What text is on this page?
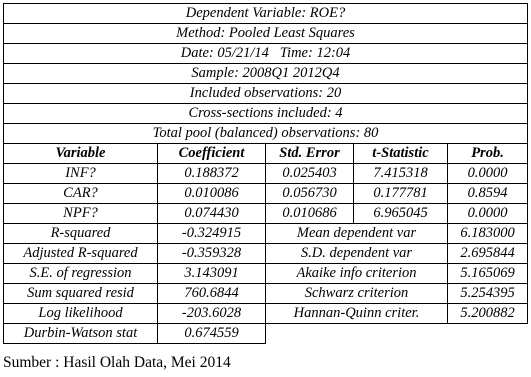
Dependent Variable: ROE?				
Method: Pooled Least Squares				
Date: 05/21/14   Time: 12:04				
Sample: 2008Q1 2012Q4				
Included observations: 20				
Cross-sections included: 4				
Total pool (balanced) observations: 80				
Variable	Coefficient	Std. Error	t-Statistic	Prob.
INF?	0.188372	0.025403	7.415318	0.0000
CAR?	0.010086	0.056730	0.177781	0.8594
NPF?	0.074430	0.010686	6.965045	0.0000
R-squared	-0.324915	Mean dependent var		6.183000
Adjusted R-squared	-0.359328	S.D. dependent var		2.695844
S.E. of regression	3.143091	Akaike info criterion		5.165069
Sum squared resid	760.6844	Schwarz criterion		5.254395
Log likelihood	-203.6028	Hannan-Quinn criter.		5.200882
Durbin-Watson stat	0.674559			
Sumber : Hasil Olah Data, Mei 2014
